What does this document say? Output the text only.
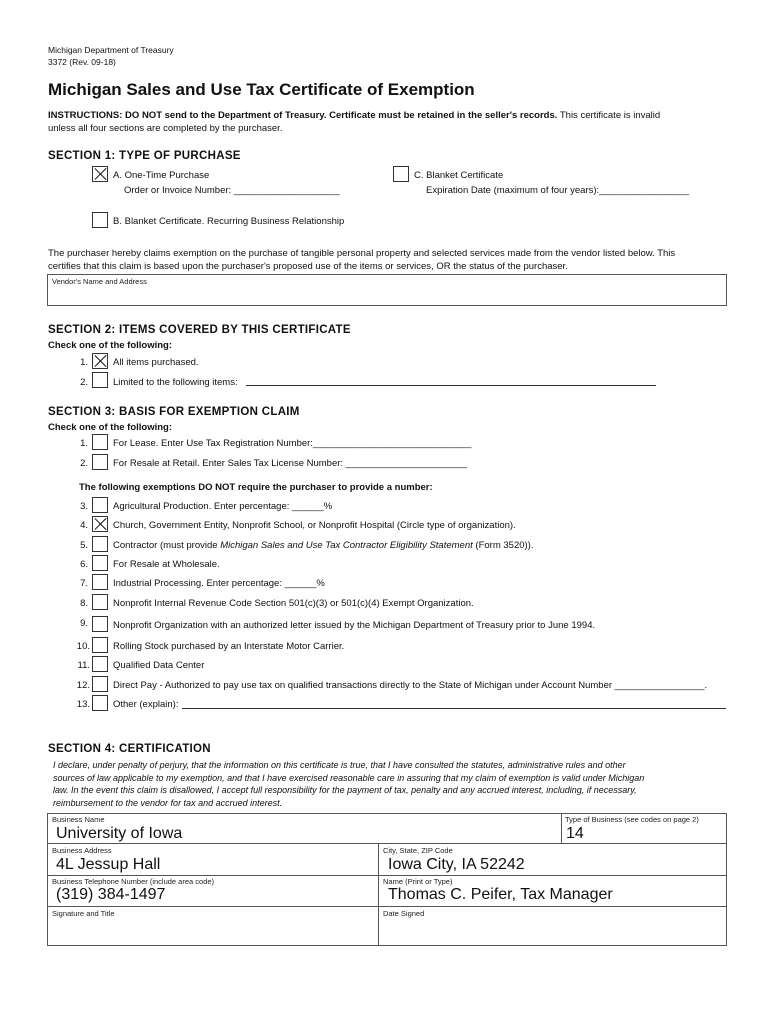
Michigan Department of Treasury
3372 (Rev. 09-18)
Michigan Sales and Use Tax Certificate of Exemption
INSTRUCTIONS: DO NOT send to the Department of Treasury. Certificate must be retained in the seller's records. This certificate is invalid
unless all four sections are completed by the purchaser.
SECTION 1: TYPE OF PURCHASE
A. One-Time Purchase
Order or Invoice Number: ____________________
C. Blanket Certificate
Expiration Date (maximum of four years):_________________
B. Blanket Certificate. Recurring Business Relationship
The purchaser hereby claims exemption on the purchase of tangible personal property and selected services made from the vendor listed below. This
certifies that this claim is based upon the purchaser's proposed use of the items or services, OR the status of the purchaser.
Vendor's Name and Address
SECTION 2: ITEMS COVERED BY THIS CERTIFICATE
Check one of the following:
1.	All items purchased.
2.	Limited to the following items:
SECTION 3: BASIS FOR EXEMPTION CLAIM
Check one of the following:
1.	For Lease. Enter Use Tax Registration Number:______________________________
2.	For Resale at Retail. Enter Sales Tax License Number: _______________________
The following exemptions DO NOT require the purchaser to provide a number:
3.	Agricultural Production. Enter percentage: ______%
4.	Church, Government Entity, Nonprofit School, or Nonprofit Hospital (Circle type of organization).
5.	Contractor (must provide Michigan Sales and Use Tax Contractor Eligibility Statement (Form 3520)).
6.	For Resale at Wholesale.
7.	Industrial Processing. Enter percentage: ______%
8.	Nonprofit Internal Revenue Code Section 501(c)(3) or 501(c)(4) Exempt Organization.
9.	Nonprofit Organization with an authorized letter issued by the Michigan Department of Treasury prior to June 1994.
10. Rolling Stock purchased by an Interstate Motor Carrier.
11. Qualified Data Center
12. Direct Pay - Authorized to pay use tax on qualified transactions directly to the State of Michigan under Account Number _________________.
13. Other (explain):
SECTION 4: CERTIFICATION
I declare, under penalty of perjury, that the information on this certificate is true, that I have consulted the statutes, administrative rules and other
sources of law applicable to my exemption, and that I have exercised reasonable care in assuring that my claim of exemption is valid under Michigan
law. In the event this claim is disallowed, I accept full responsibility for the payment of tax, penalty and any accrued interest, including, if necessary,
reimbursement to the vendor for tax and accrued interest.
Business Name
University of Iowa
Type of Business (see codes on page 2)
14
Business Address
4L Jessup Hall
City, State, ZIP Code
Iowa City, IA 52242
Business Telephone Number (include area code)
(319) 384-1497
Name (Print or Type)
Thomas C. Peifer, Tax Manager
Signature and Title	Date Signed
